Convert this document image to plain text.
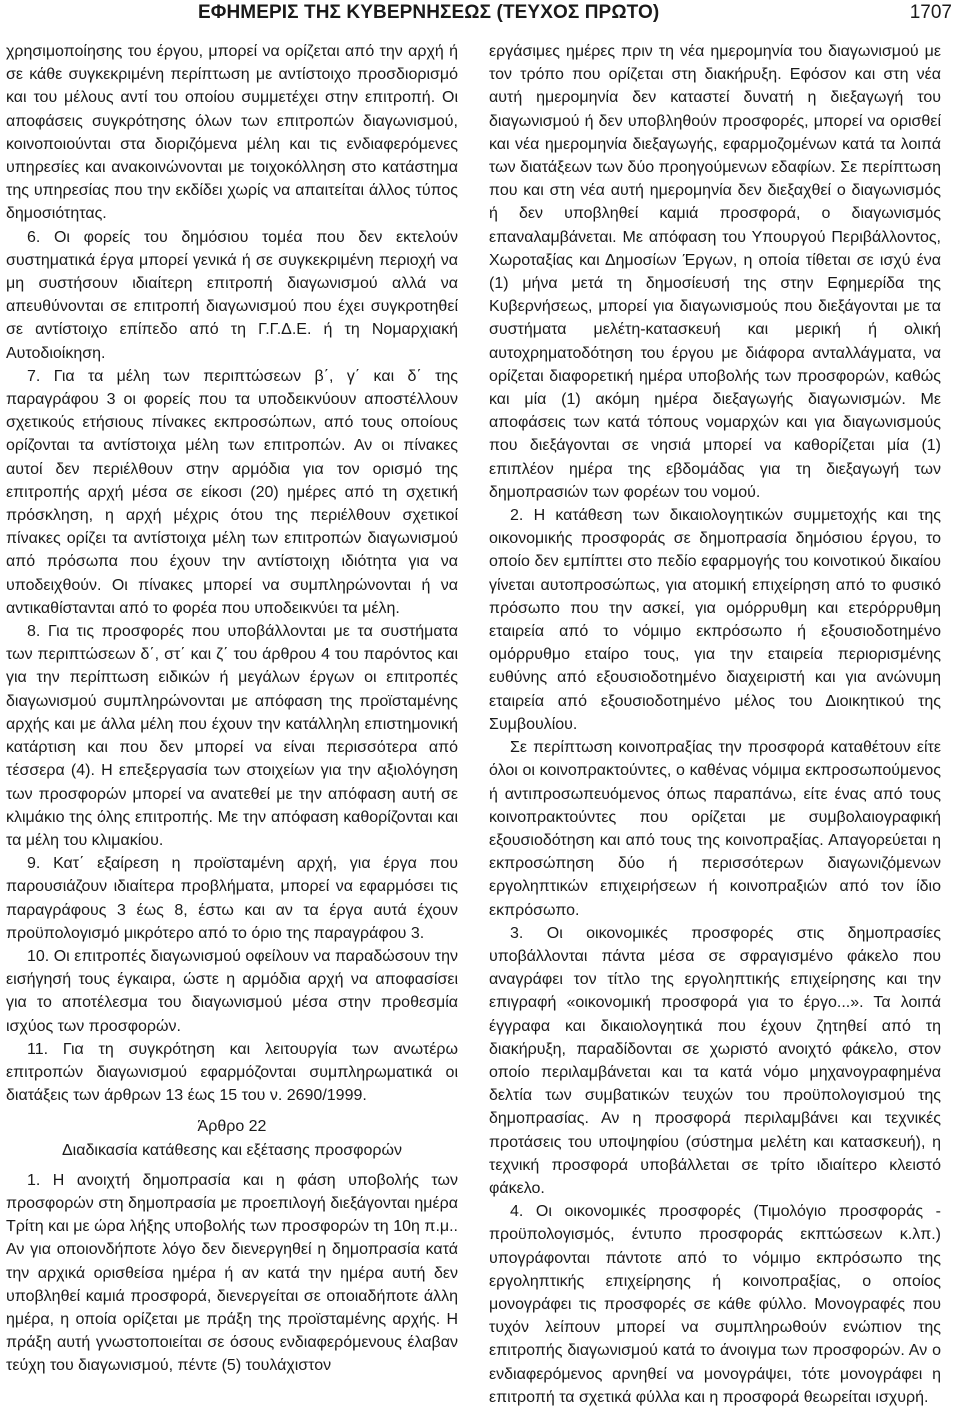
ΕΦΗΜΕΡΙΣ ΤΗΣ ΚΥΒΕΡΝΗΣΕΩΣ (ΤΕΥΧΟΣ ΠΡΩΤΟ)	1707

χρησιμοποίησης του έργου, μπορεί να ορίζεται από την αρχή ή σε κάθε συγκεκριμένη περίπτωση με αντίστοιχο προσδιορισμό και του μέλους αντί του οποίου συμμετέχει στην επιτροπή. Οι αποφάσεις συγκρότησης όλων των επιτροπών διαγωνισμού, κοινοποιούνται στα διοριζόμενα μέλη και τις ενδιαφερόμενες υπηρεσίες και ανακοινώνονται με τοιχοκόλληση στο κατάστημα της υπηρεσίας που την εκδίδει χωρίς να απαιτείται άλλος τύπος δημοσιότητας.

6. Οι φορείς του δημόσιου τομέα που δεν εκτελούν συστηματικά έργα μπορεί γενικά ή σε συγκεκριμένη περιοχή να μη συστήσουν ιδιαίτερη επιτροπή διαγωνισμού αλλά να απευθύνονται σε επιτροπή διαγωνισμού που έχει συγκροτηθεί σε αντίστοιχο επίπεδο από τη Γ.Γ.Δ.Ε. ή τη Νομαρχιακή Αυτοδιοίκηση.

7. Για τα μέλη των περιπτώσεων β΄, γ΄ και δ΄ της παραγράφου 3 οι φορείς που τα υποδεικνύουν αποστέλλουν σχετικούς ετήσιους πίνακες εκπροσώπων, από τους οποίους ορίζονται τα αντίστοιχα μέλη των επιτροπών. Αν οι πίνακες αυτοί δεν περιέλθουν στην αρμόδια για τον ορισμό της επιτροπής αρχή μέσα σε είκοσι (20) ημέρες από τη σχετική πρόσκληση, η αρχή μέχρις ότου της περιέλθουν σχετικοί πίνακες ορίζει τα αντίστοιχα μέλη των επιτροπών διαγωνισμού από πρόσωπα που έχουν την αντίστοιχη ιδιότητα για να υποδειχθούν. Οι πίνακες μπορεί να συμπληρώνονται ή να αντικαθίστανται από το φορέα που υποδεικνύει τα μέλη.

8. Για τις προσφορές που υποβάλλονται με τα συστήματα των περιπτώσεων δ΄, στ΄ και ζ΄ του άρθρου 4 του παρόντος και για την περίπτωση ειδικών ή μεγάλων έργων οι επιτροπές διαγωνισμού συμπληρώνονται με απόφαση της προϊσταμένης αρχής και με άλλα μέλη που έχουν την κατάλληλη επιστημονική κατάρτιση και που δεν μπορεί να είναι περισσότερα από τέσσερα (4). Η επεξεργασία των στοιχείων για την αξιολόγηση των προσφορών μπορεί να ανατεθεί με την απόφαση αυτή σε κλιμάκιο της όλης επιτροπής. Με την απόφαση καθορίζονται και τα μέλη του κλιμακίου.

9. Κατ΄ εξαίρεση η προϊσταμένη αρχή, για έργα που παρουσιάζουν ιδιαίτερα προβλήματα, μπορεί να εφαρμόσει τις παραγράφους 3 έως 8, έστω και αν τα έργα αυτά έχουν προϋπολογισμό μικρότερο από το όριο της παραγράφου 3.

10. Οι επιτροπές διαγωνισμού οφείλουν να παραδώσουν την εισήγησή τους έγκαιρα, ώστε η αρμόδια αρχή να αποφασίσει για το αποτέλεσμα του διαγωνισμού μέσα στην προθεσμία ισχύος των προσφορών.

11. Για τη συγκρότηση και λειτουργία των ανωτέρω επιτροπών διαγωνισμού εφαρμόζονται συμπληρωματικά οι διατάξεις των άρθρων 13 έως 15 του ν. 2690/1999.

Άρθρο 22

Διαδικασία κατάθεσης και εξέτασης προσφορών

1. Η ανοιχτή δημοπρασία και η φάση υποβολής των προσφορών στη δημοπρασία με προεπιλογή διεξάγονται ημέρα Τρίτη και με ώρα λήξης υποβολής των προσφορών τη 10η π.μ.. Αν για οποιονδήποτε λόγο δεν διενεργηθεί η δημοπρασία κατά την αρχικά ορισθείσα ημέρα ή αν κατά την ημέρα αυτή δεν υποβληθεί καμιά προσφορά, διενεργείται σε οποιαδήποτε άλλη ημέρα, η οποία ορίζεται με πράξη της προϊσταμένης αρχής. Η πράξη αυτή γνωστοποιείται σε όσους ενδιαφερόμενους έλαβαν τεύχη του διαγωνισμού, πέντε (5) τουλάχιστον

εργάσιμες ημέρες πριν τη νέα ημερομηνία του διαγωνισμού με τον τρόπο που ορίζεται στη διακήρυξη. Εφόσον και στη νέα αυτή ημερομηνία δεν καταστεί δυνατή η διεξαγωγή του διαγωνισμού ή δεν υποβληθούν προσφορές, μπορεί να ορισθεί και νέα ημερομηνία διεξαγωγής, εφαρμοζομένων κατά τα λοιπά των διατάξεων των δύο προηγούμενων εδαφίων. Σε περίπτωση που και στη νέα αυτή ημερομηνία δεν διεξαχθεί ο διαγωνισμός ή δεν υποβληθεί καμιά προσφορά, ο διαγωνισμός επαναλαμβάνεται. Με απόφαση του Υπουργού Περιβάλλοντος, Χωροταξίας και Δημοσίων Έργων, η οποία τίθεται σε ισχύ ένα (1) μήνα μετά τη δημοσίευσή της στην Εφημερίδα της Κυβερνήσεως, μπορεί για διαγωνισμούς που διεξάγονται με τα συστήματα μελέτη-κατασκευή και μερική ή ολική αυτοχρηματοδότηση του έργου με διάφορα ανταλλάγματα, να ορίζεται διαφορετική ημέρα υποβολής των προσφορών, καθώς και μία (1) ακόμη ημέρα διεξαγωγής διαγωνισμών. Με αποφάσεις των κατά τόπους νομαρχών και για διαγωνισμούς που διεξάγονται σε νησιά μπορεί να καθορίζεται μία (1) επιπλέον ημέρα της εβδομάδας για τη διεξαγωγή των δημοπρασιών των φορέων του νομού.

2. Η κατάθεση των δικαιολογητικών συμμετοχής και της οικονομικής προσφοράς σε δημοπρασία δημόσιου έργου, το οποίο δεν εμπίπτει στο πεδίο εφαρμογής του κοινοτικού δικαίου γίνεται αυτοπροσώπως, για ατομική επιχείρηση από το φυσικό πρόσωπο που την ασκεί, για ομόρρυθμη και ετερόρρυθμη εταιρεία από το νόμιμο εκπρόσωπο ή εξουσιοδοτημένο ομόρρυθμο εταίρο τους, για την εταιρεία περιορισμένης ευθύνης από εξουσιοδοτημένο διαχειριστή και για ανώνυμη εταιρεία από εξουσιοδοτημένο μέλος του Διοικητικού της Συμβουλίου.

Σε περίπτωση κοινοπραξίας την προσφορά καταθέτουν είτε όλοι οι κοινοπρακτούντες, ο καθένας νόμιμα εκπροσωπούμενος ή αντιπροσωπευόμενος όπως παραπάνω, είτε ένας από τους κοινοπρακτούντες που ορίζεται με συμβολαιογραφική εξουσιοδότηση και από τους της κοινοπραξίας. Απαγορεύεται η εκπροσώπηση δύο ή περισσότερων διαγωνιζόμενων εργοληπτικών επιχειρήσεων ή κοινοπραξιών από τον ίδιο εκπρόσωπο.

3. Οι οικονομικές προσφορές στις δημοπρασίες υποβάλλονται πάντα μέσα σε σφραγισμένο φάκελο που αναγράφει τον τίτλο της εργοληπτικής επιχείρησης και την επιγραφή «οικονομική προσφορά για το έργο...». Τα λοιπά έγγραφα και δικαιολογητικά που έχουν ζητηθεί από τη διακήρυξη, παραδίδονται σε χωριστό ανοιχτό φάκελο, στον οποίο περιλαμβάνεται και τα κατά νόμο μηχανογραφημένα δελτία των συμβατικών τευχών του προϋπολογισμού της δημοπρασίας. Αν η προσφορά περιλαμβάνει και τεχνικές προτάσεις του υποψηφίου (σύστημα μελέτη και κατασκευή), η τεχνική προσφορά υποβάλλεται σε τρίτο ιδιαίτερο κλειστό φάκελο.

4. Οι οικονομικές προσφορές (Τιμολόγιο προσφοράς - προϋπολογισμός, έντυπο προσφοράς εκπτώσεων κ.λπ.) υπογράφονται πάντοτε από το νόμιμο εκπρόσωπο της εργοληπτικής επιχείρησης ή κοινοπραξίας, ο οποίος μονογράφει τις προσφορές σε κάθε φύλλο. Μονογραφές που τυχόν λείπουν μπορεί να συμπληρωθούν ενώπιον της επιτροπής διαγωνισμού κατά το άνοιγμα των προσφορών. Αν ο ενδιαφερόμενος αρνηθεί να μονογράψει, τότε μονογράφει η επιτροπή τα σχετικά φύλλα και η προσφορά θεωρείται ισχυρή.
